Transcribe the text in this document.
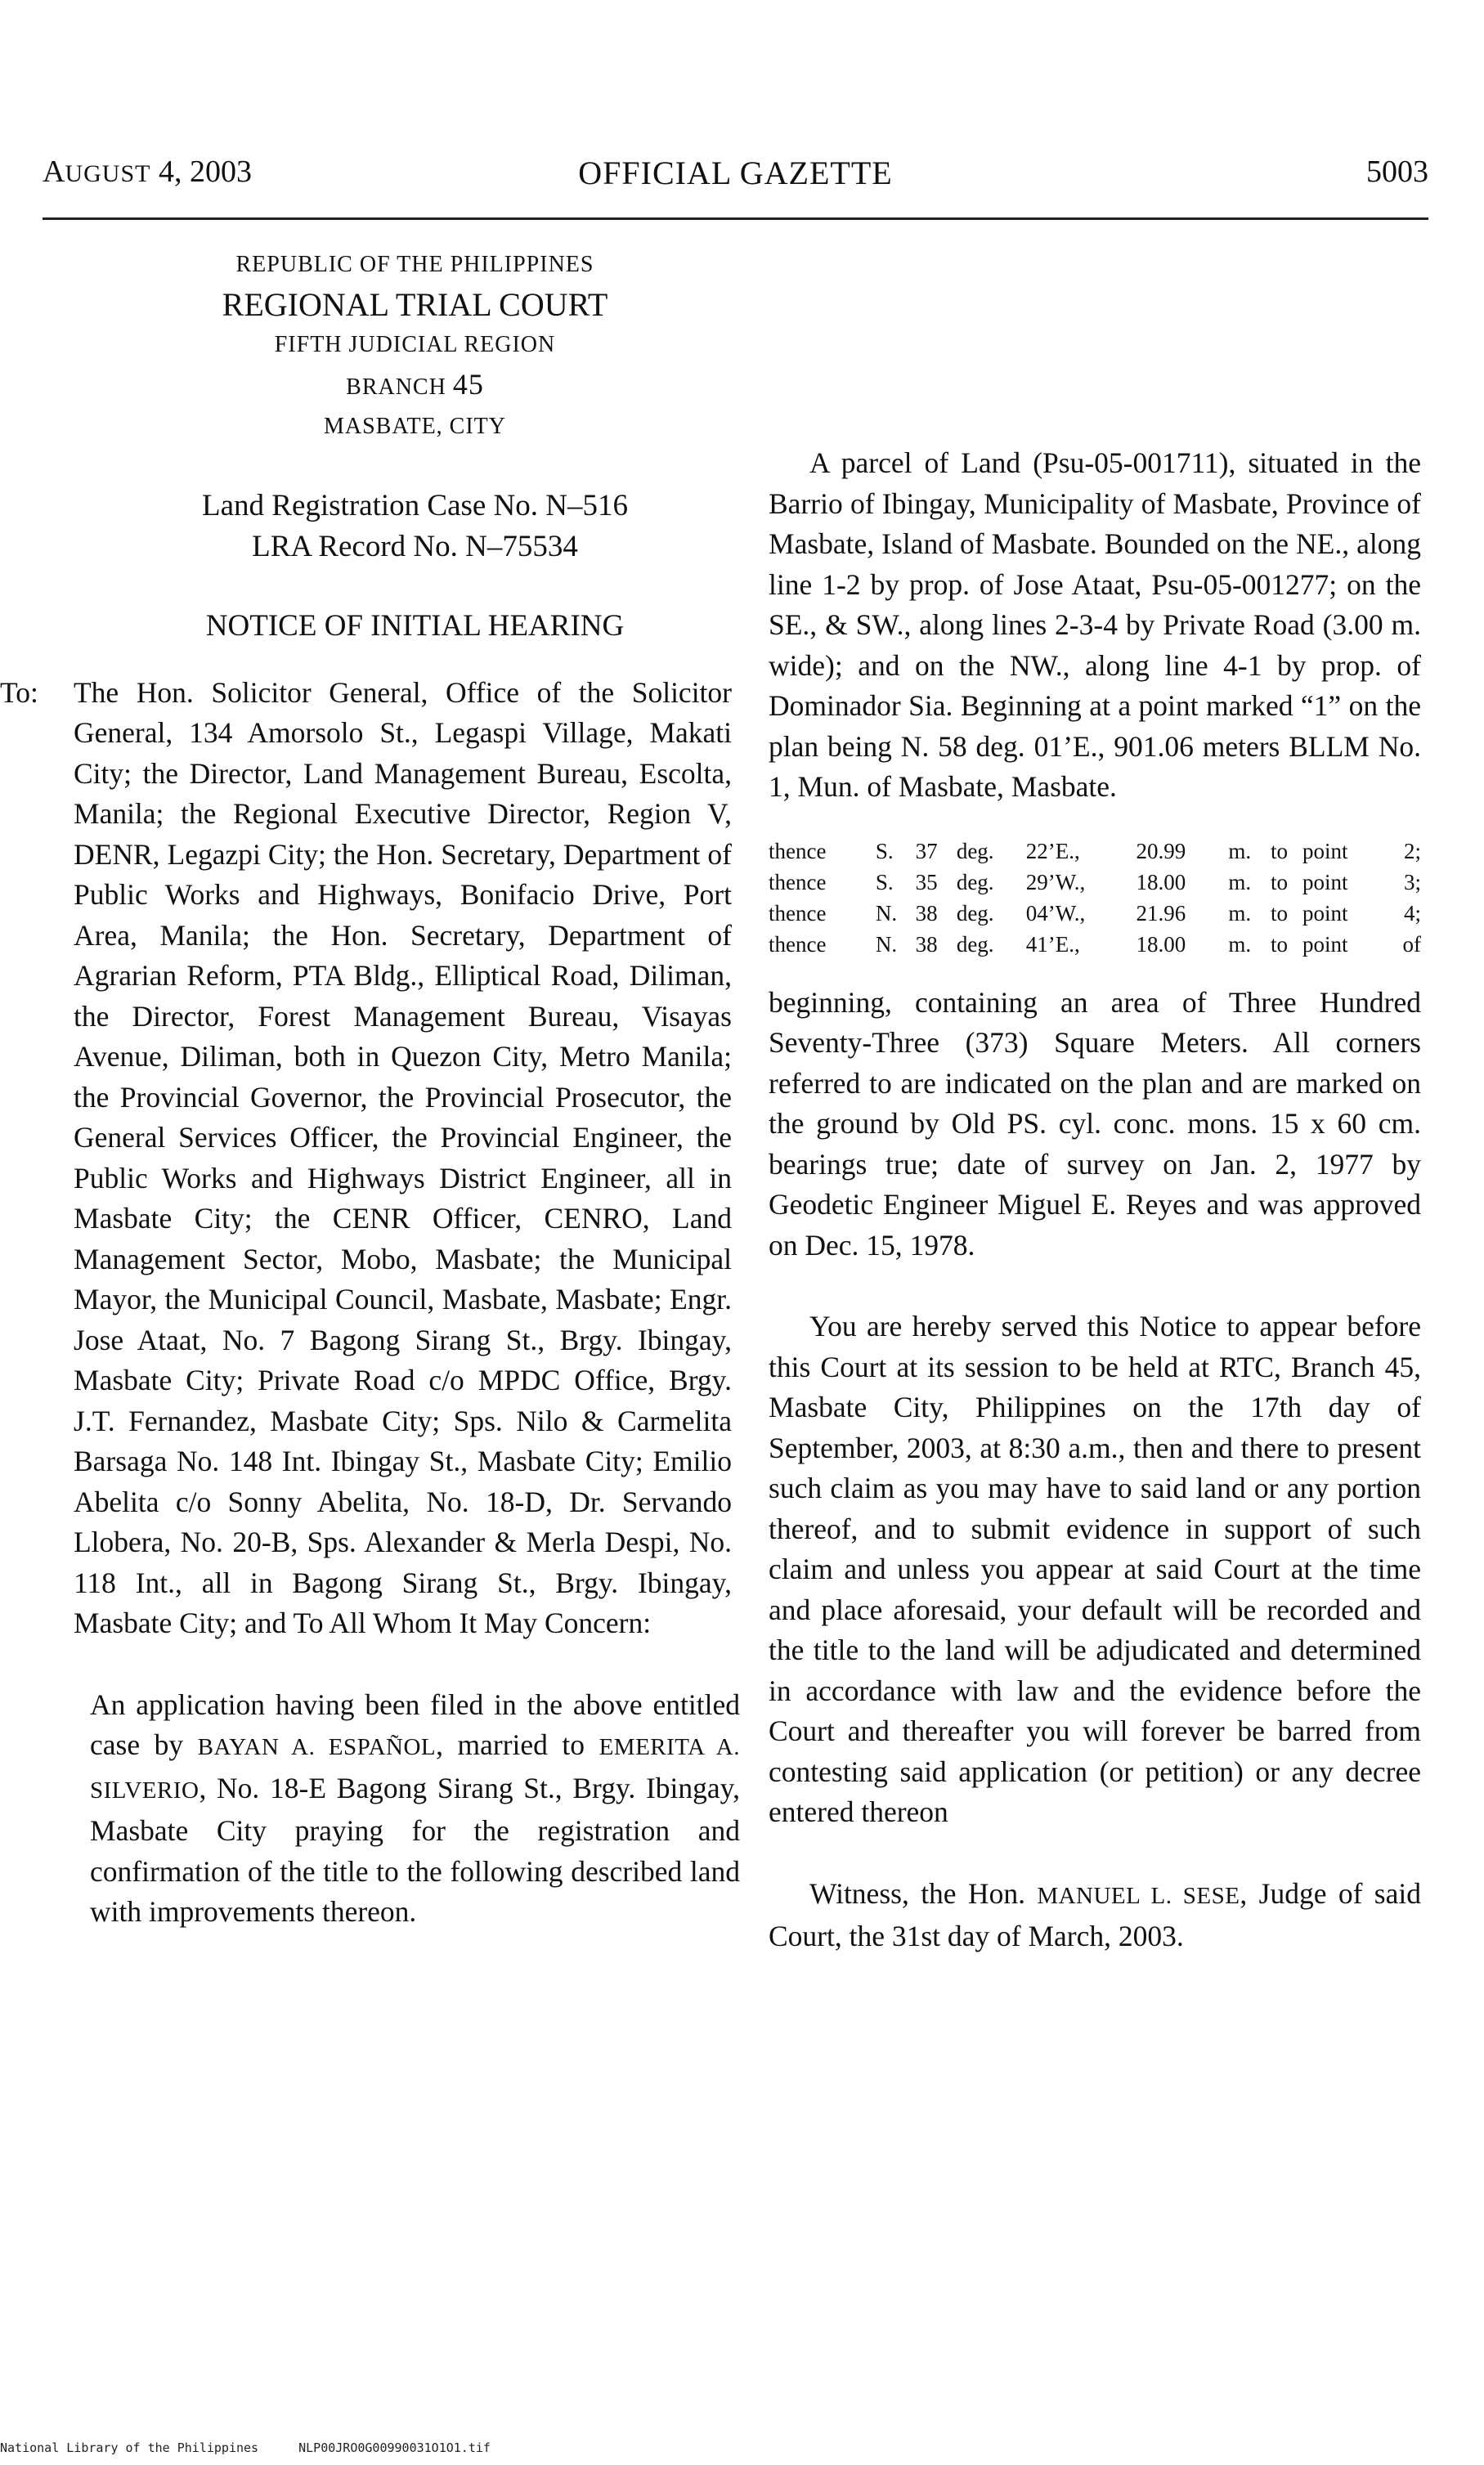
AUGUST 4, 2003	OFFICIAL GAZETTE	5003
REPUBLIC OF THE PHILIPPINES
REGIONAL TRIAL COURT
FIFTH JUDICIAL REGION
BRANCH 45
MASBATE, CITY
Land Registration Case No. N–516
LRA Record No. N–75534
NOTICE OF INITIAL HEARING
To: The Hon. Solicitor General, Office of the Solicitor General, 134 Amorsolo St., Legaspi Village, Makati City; the Director, Land Management Bureau, Escolta, Manila; the Regional Executive Director, Region V, DENR, Legazpi City; the Hon. Secretary, Department of Public Works and Highways, Bonifacio Drive, Port Area, Manila; the Hon. Secretary, Department of Agrarian Reform, PTA Bldg., Elliptical Road, Diliman, the Director, Forest Management Bureau, Visayas Avenue, Diliman, both in Quezon City, Metro Manila; the Provincial Governor, the Provincial Prosecutor, the General Services Officer, the Provincial Engineer, the Public Works and Highways District Engineer, all in Masbate City; the CENR Officer, CENRO, Land Management Sector, Mobo, Masbate; the Municipal Mayor, the Municipal Council, Masbate, Masbate; Engr. Jose Ataat, No. 7 Bagong Sirang St., Brgy. Ibingay, Masbate City; Private Road c/o MPDC Office, Brgy. J.T. Fernandez, Masbate City; Sps. Nilo & Carmelita Barsaga No. 148 Int. Ibingay St., Masbate City; Emilio Abelita c/o Sonny Abelita, No. 18-D, Dr. Servando Llobera, No. 20-B, Sps. Alexander & Merla Despi, No. 118 Int., all in Bagong Sirang St., Brgy. Ibingay, Masbate City; and To All Whom It May Concern:

An application having been filed in the above entitled case by BAYAN A. ESPAÑOL, married to EMERITA A. SILVERIO, No. 18-E Bagong Sirang St., Brgy. Ibingay, Masbate City praying for the registration and confirmation of the title to the following described land with improvements thereon.

A parcel of Land (Psu-05-001711), situated in the Barrio of Ibingay, Municipality of Masbate, Province of Masbate, Island of Masbate. Bounded on the NE., along line 1-2 by prop. of Jose Ataat, Psu-05-001277; on the SE., & SW., along lines 2-3-4 by Private Road (3.00 m. wide); and on the NW., along line 4-1 by prop. of Dominador Sia. Beginning at a point marked “1” on the plan being N. 58 deg. 01’E., 901.06 meters BLLM No. 1, Mun. of Masbate, Masbate.

thence	S.	37	deg.	22’E.,	20.99	m.	to	point	2;
thence	S.	35	deg.	29’W.,	18.00	m.	to	point	3;
thence	N.	38	deg.	04’W.,	21.96	m.	to	point	4;
thence	N.	38	deg.	41’E.,	18.00	m.	to	point	of

beginning, containing an area of Three Hundred Seventy-Three (373) Square Meters. All corners referred to are indicated on the plan and are marked on the ground by Old PS. cyl. conc. mons. 15 x 60 cm. bearings true; date of survey on Jan. 2, 1977 by Geodetic Engineer Miguel E. Reyes and was approved on Dec. 15, 1978.

You are hereby served this Notice to appear before this Court at its session to be held at RTC, Branch 45, Masbate City, Philippines on the 17th day of September, 2003, at 8:30 a.m., then and there to present such claim as you may have to said land or any portion thereof, and to submit evidence in support of such claim and unless you appear at said Court at the time and place aforesaid, your default will be recorded and the title to the land will be adjudicated and determined in accordance with law and the evidence before the Court and thereafter you will forever be barred from contesting said application (or petition) or any decree entered thereon

Witness, the Hon. MANUEL L. SESE, Judge of said Court, the 31st day of March, 2003.

National Library of the Philippines	NLP00JRO0G00990031O1O1.tif
